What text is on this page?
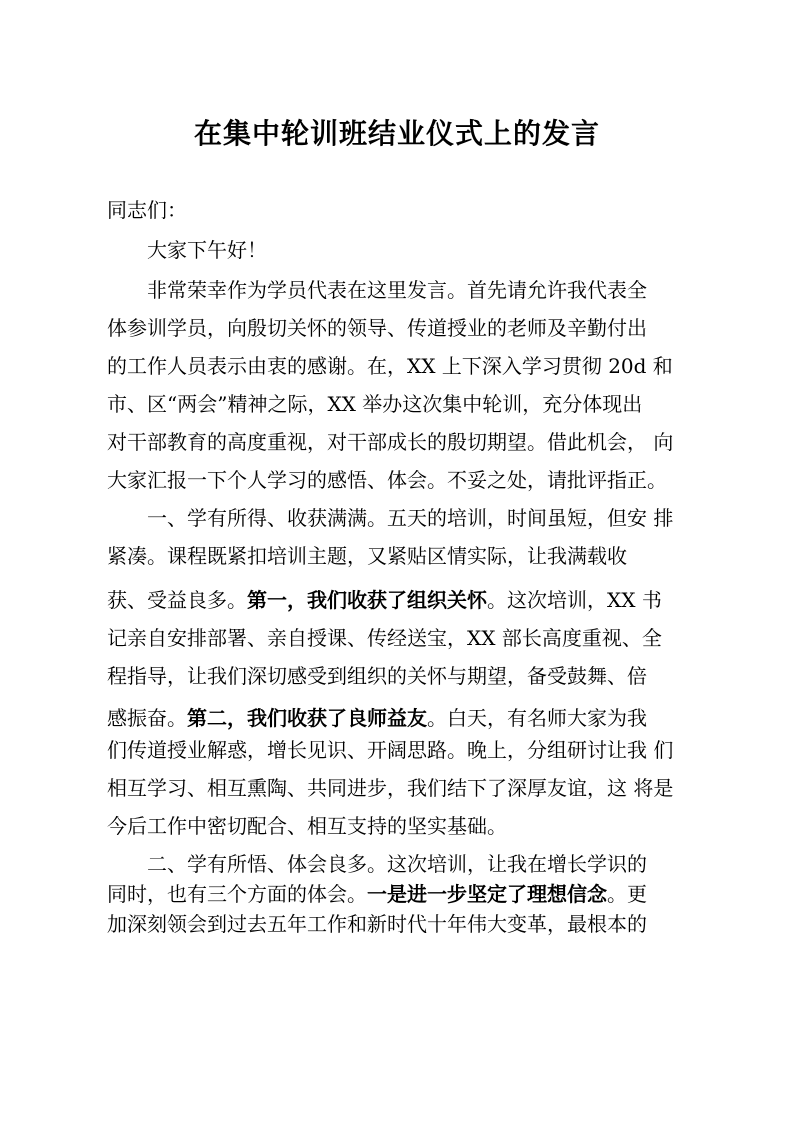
在集中轮训班结业仪式上的发言
同志们：
大家下午好！
非常荣幸作为学员代表在这里发言。首先请允许我代表全
体参训学员，向殷切关怀的领导、传道授业的老师及辛勤付出
的工作人员表示由衷的感谢。在，XX 上下深入学习贯彻 20d 和
市、区“两会”精神之际，XX 举办这次集中轮训，充分体现出
对干部教育的高度重视，对干部成长的殷切期望。借此机会， 向
大家汇报一下个人学习的感悟、体会。不妥之处，请批评指正。
一、学有所得、收获满满。五天的培训，时间虽短，但安 排
紧凑。课程既紧扣培训主题，又紧贴区情实际，让我满载收
获、受益良多。第一，我们收获了组织关怀。这次培训，XX 书
记亲自安排部署、亲自授课、传经送宝，XX 部长高度重视、全
程指导，让我们深切感受到组织的关怀与期望，备受鼓舞、倍
感振奋。第二，我们收获了良师益友。白天，有名师大家为我
们传道授业解惑，增长见识、开阔思路。晚上，分组研讨让我 们
相互学习、相互熏陶、共同进步，我们结下了深厚友谊，这 将是
今后工作中密切配合、相互支持的坚实基础。
二、学有所悟、体会良多。这次培训，让我在增长学识的
同时，也有三个方面的体会。一是进一步坚定了理想信念。更
加深刻领会到过去五年工作和新时代十年伟大变革，最根本的
